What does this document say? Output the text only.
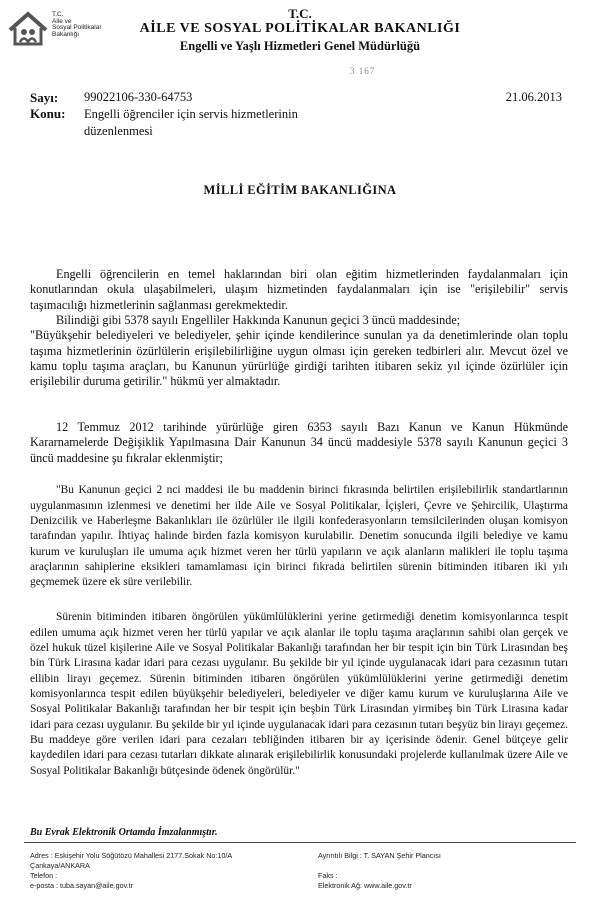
T.C.
Aile ve
Sosyal Politikalar
Bakanlığı
T.C.
AİLE VE SOSYAL POLİTİKALAR BAKANLIĞI
Engelli ve Yaşlı Hizmetleri Genel Müdürlüğü
3 167
Sayı: 99022106-330-64753	21.06.2013
Konu: Engelli öğrenciler için servis hizmetlerinin düzenlenmesi
MİLLİ EĞİTİM BAKANLIĞINA

Engelli öğrencilerin en temel haklarından biri olan eğitim hizmetlerinden faydalanmaları için konutlarından okula ulaşabilmeleri, ulaşım hizmetinden faydalanmaları için ise "erişilebilir" servis taşımacılığı hizmetlerinin sağlanması gerekmektedir.

Bilindiği gibi 5378 sayılı Engelliler Hakkında Kanunun geçici 3 üncü maddesinde;

"Büyükşehir belediyeleri ve belediyeler, şehir içinde kendilerince sunulan ya da denetimlerinde olan toplu taşıma hizmetlerinin özürlülerin erişilebilirliğine uygun olması için gereken tedbirleri alır. Mevcut özel ve kamu toplu taşıma araçları, bu Kanunun yürürlüğe girdiği tarihten itibaren sekiz yıl içinde özürlüler için erişilebilir duruma getirilir." hükmü yer almaktadır.

12 Temmuz 2012 tarihinde yürürlüğe giren 6353 sayılı Bazı Kanun ve Kanun Hükmünde Kararnamelerde Değişiklik Yapılmasına Dair Kanunun 34 üncü maddesiyle 5378 sayılı Kanunun geçici 3 üncü maddesine şu fıkralar eklenmiştir;

"Bu Kanunun geçici 2 nci maddesi ile bu maddenin birinci fıkrasında belirtilen erişilebilirlik standartlarının uygulanmasının izlenmesi ve denetimi her ilde Aile ve Sosyal Politikalar, İçişleri, Çevre ve Şehircilik, Ulaştırma Denizcilik ve Haberleşme Bakanlıkları ile özürlüler ile ilgili konfederasyonların temsilcilerinden oluşan komisyon tarafından yapılır. İhtiyaç halinde birden fazla komisyon kurulabilir. Denetim sonucunda ilgili belediye ve kamu kurum ve kuruluşları ile umuma açık hizmet veren her türlü yapıların ve açık alanların malikleri ile toplu taşıma araçlarının sahiplerine eksikleri tamamlaması için birinci fıkrada belirtilen sürenin bitiminden itibaren iki yılı geçmemek üzere ek süre verilebilir.

Sürenin bitiminden itibaren öngörülen yükümlülüklerini yerine getirmediği denetim komisyonlarınca tespit edilen umuma açık hizmet veren her türlü yapılar ve açık alanlar ile toplu taşıma araçlarının sahibi olan gerçek ve özel hukuk tüzel kişilerine Aile ve Sosyal Politikalar Bakanlığı tarafından her bir tespit için bin Türk Lirasından beş bin Türk Lirasına kadar idari para cezası uygulanır. Bu şekilde bir yıl içinde uygulanacak idari para cezasının tutarı ellibin lirayı geçemez. Sürenin bitiminden itibaren öngörülen yükümlülüklerini yerine getirmediği denetim komisyonlarınca tespit edilen büyükşehir belediyeleri, belediyeler ve diğer kamu kurum ve kuruluşlarına Aile ve Sosyal Politikalar Bakanlığı tarafından her bir tespit için beşbin Türk Lirasından yirmibeş bin Türk Lirasına kadar idari para cezası uygulanır. Bu şekilde bir yıl içinde uygulanacak idari para cezasının tutarı beşyüz bin lirayı geçemez. Bu maddeye göre verilen idari para cezaları tebliğinden itibaren bir ay içerisinde ödenir. Genel bütçeye gelir kaydedilen idari para cezası tutarları dikkate alınarak erişilebilirlik konusundaki projelerde kullanılmak üzere Aile ve Sosyal Politikalar Bakanlığı bütçesinde ödenek öngörülür."

Bu Evrak Elektronik Ortamda İmzalanmıştır.
Adres : Eskişehir Yolu Söğütözü Mahallesi 2177.Sokak No:10/A
Çankaya/ANKARA
Telefon :
e-posta : tuba.sayan@aile.gov.tr
Ayrıntılı Bilgi : T. SAYAN Şehir Plancısı

Faks :
Elektronik Ağ: www.aile.gov.tr
